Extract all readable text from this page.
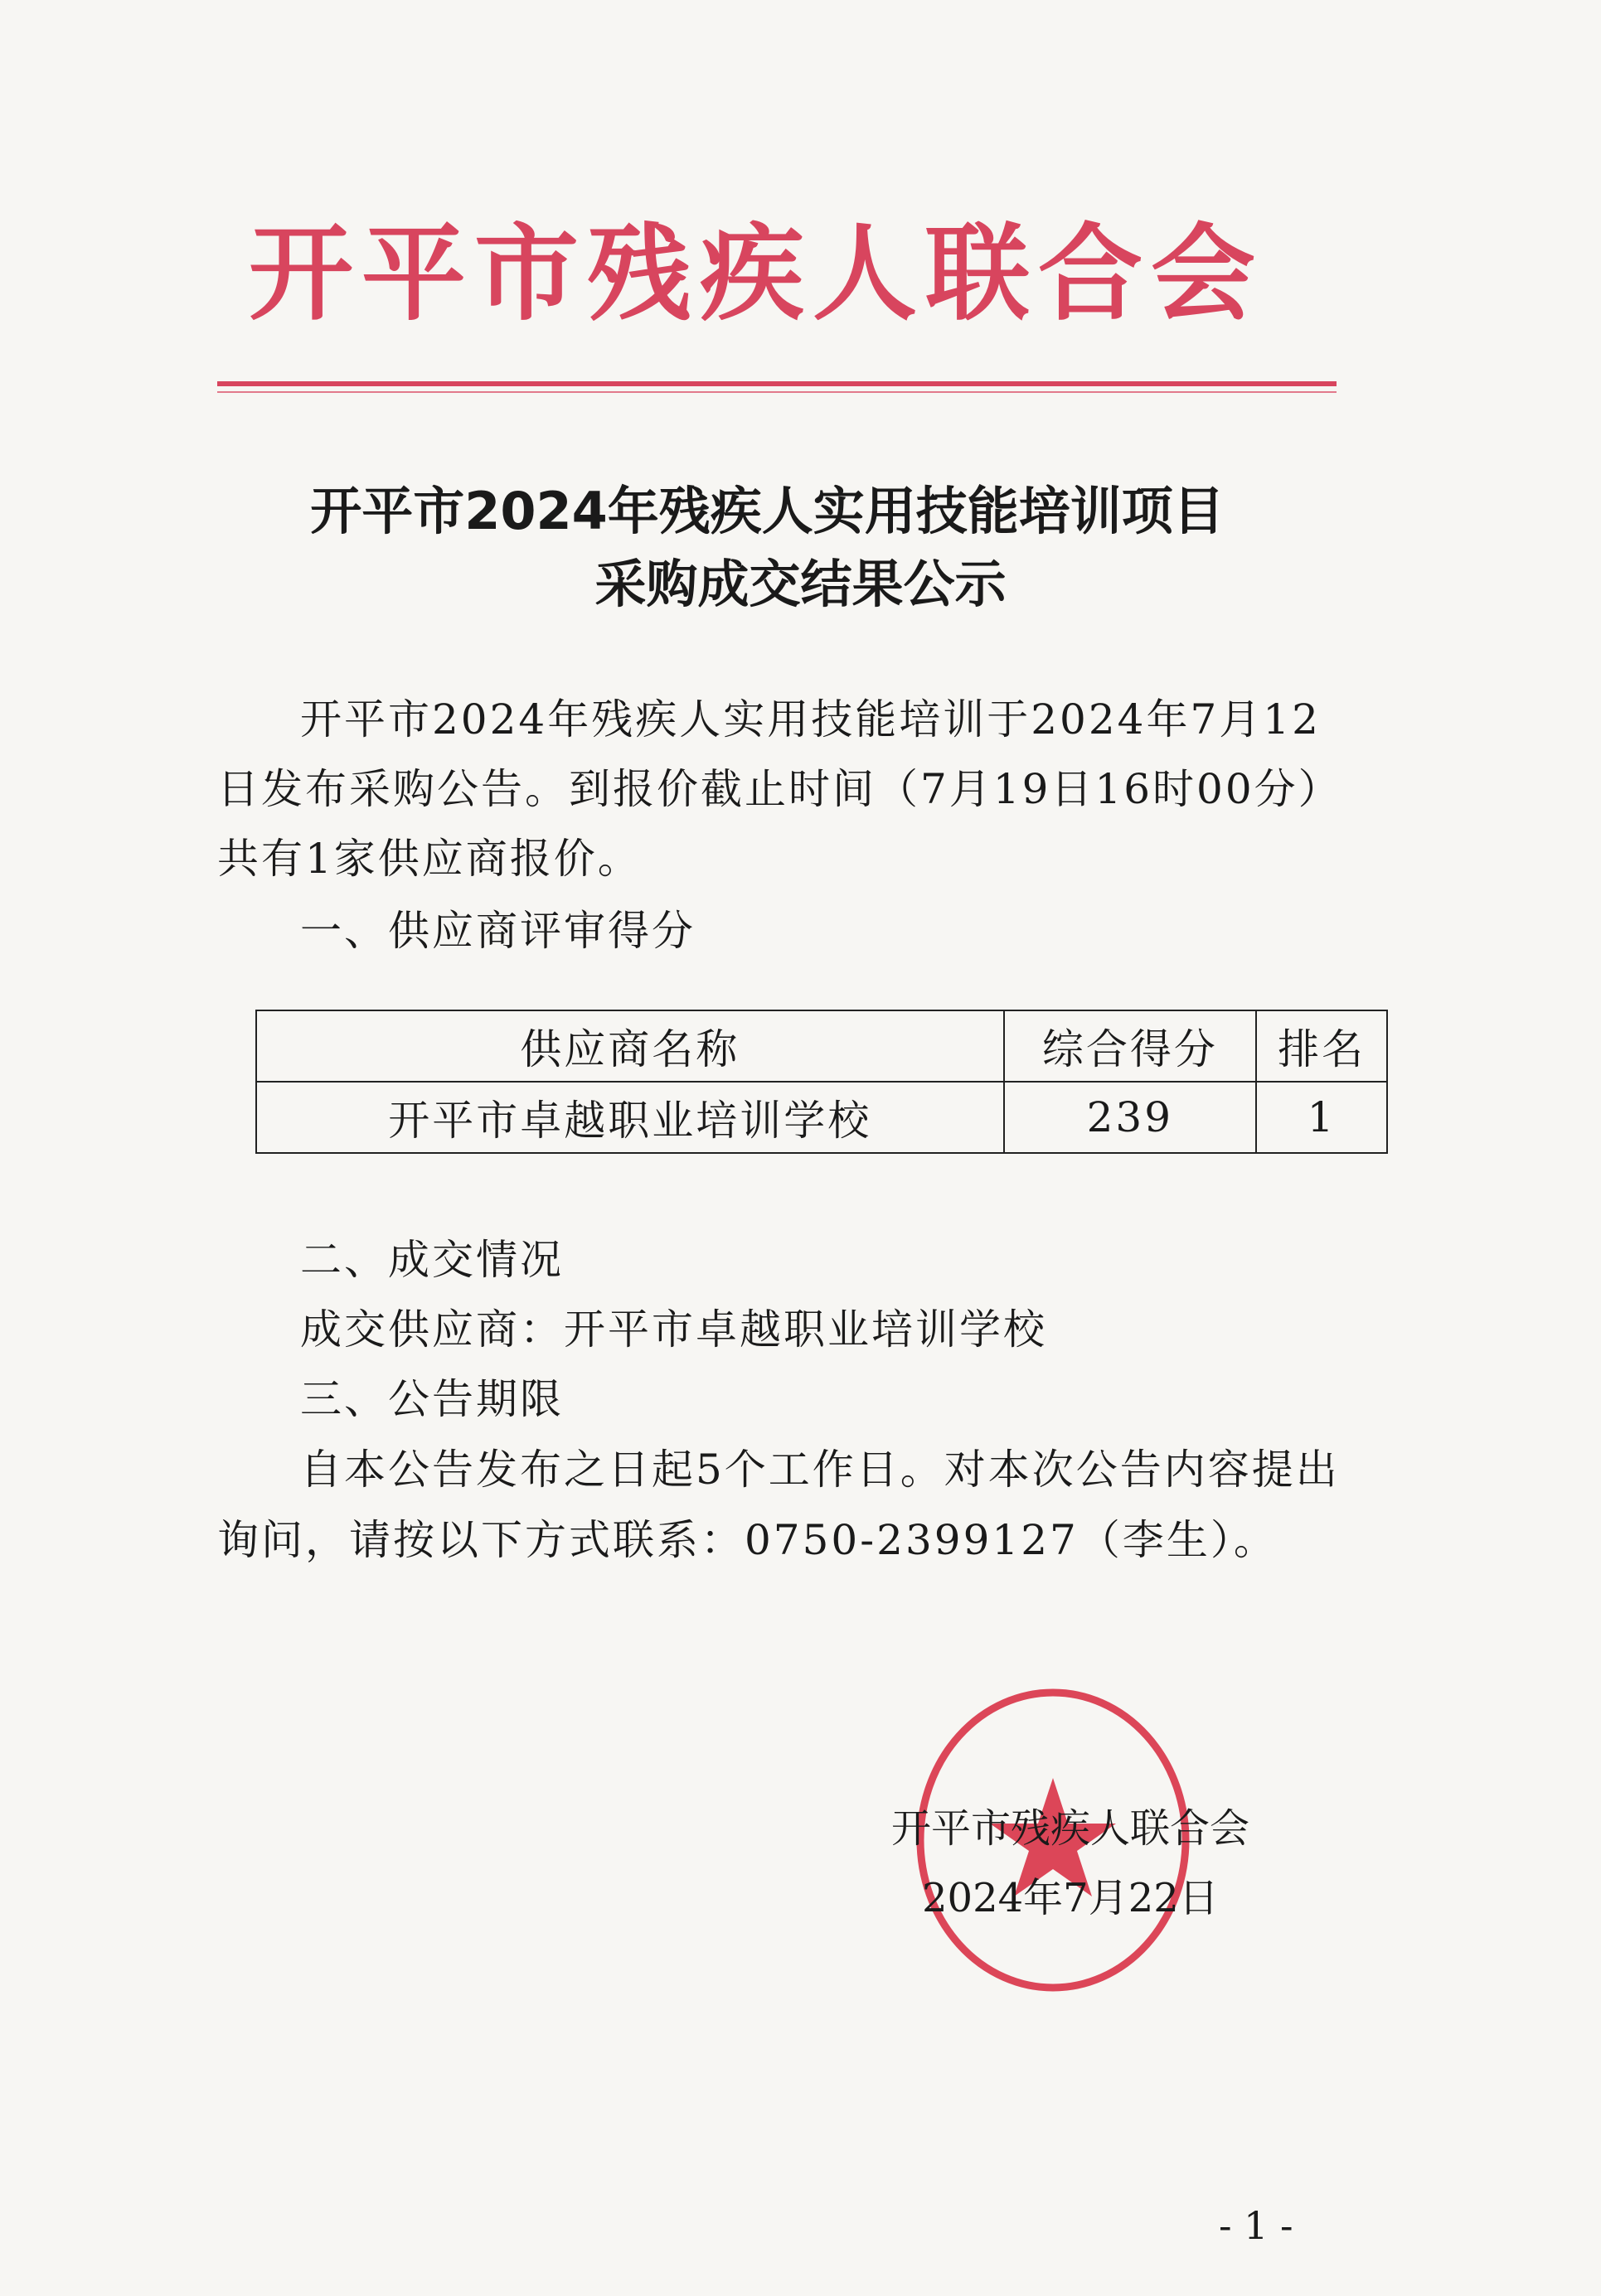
开平市残疾人联合会
开平市2024年残疾人实用技能培训项目
采购成交结果公示
开平市2024年残疾人实用技能培训于2024年7月12
日发布采购公告。到报价截止时间（7月19日16时00分）
共有1家供应商报价。
一、供应商评审得分
供应商名称	综合得分	排名
开平市卓越职业培训学校	239	1
二、成交情况
成交供应商：开平市卓越职业培训学校
三、公告期限
自本公告发布之日起5个工作日。对本次公告内容提出
询问，请按以下方式联系：0750-2399127（李生）。
开平市残疾人联合会
2024年7月22日
- 1 -
